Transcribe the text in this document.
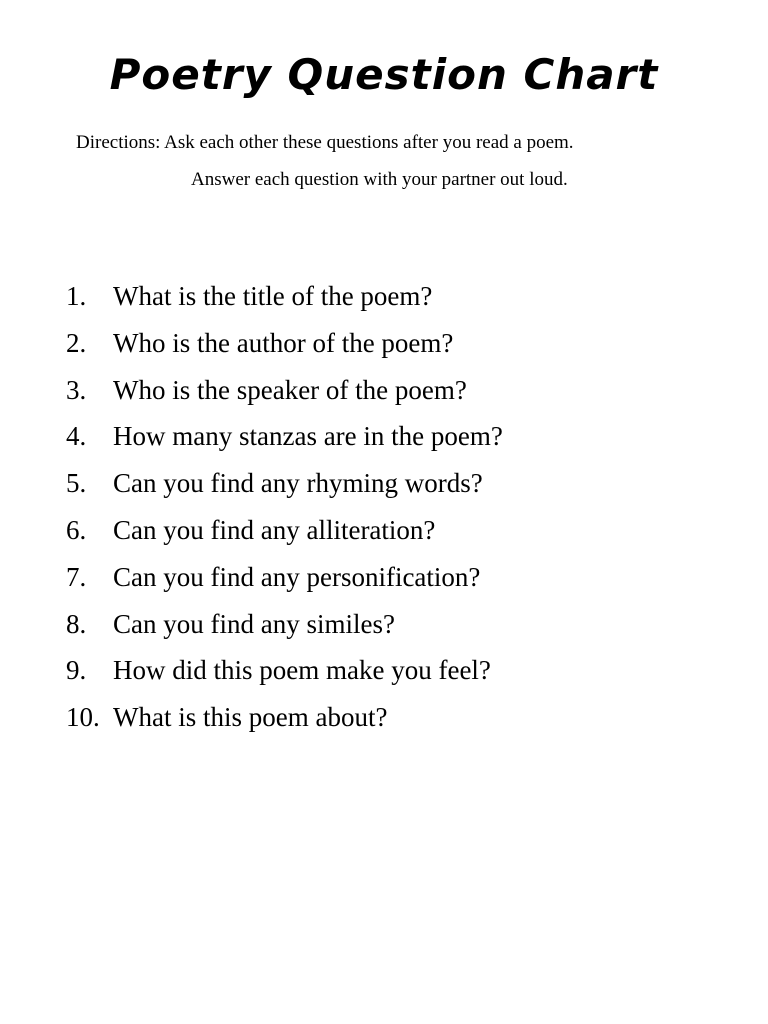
Poetry Question Chart
Directions: Ask each other these questions after you read a poem.
Answer each question with your partner out loud.
1. What is the title of the poem?
2. Who is the author of the poem?
3. Who is the speaker of the poem?
4. How many stanzas are in the poem?
5. Can you find any rhyming words?
6. Can you find any alliteration?
7. Can you find any personification?
8. Can you find any similes?
9. How did this poem make you feel?
10. What is this poem about?
